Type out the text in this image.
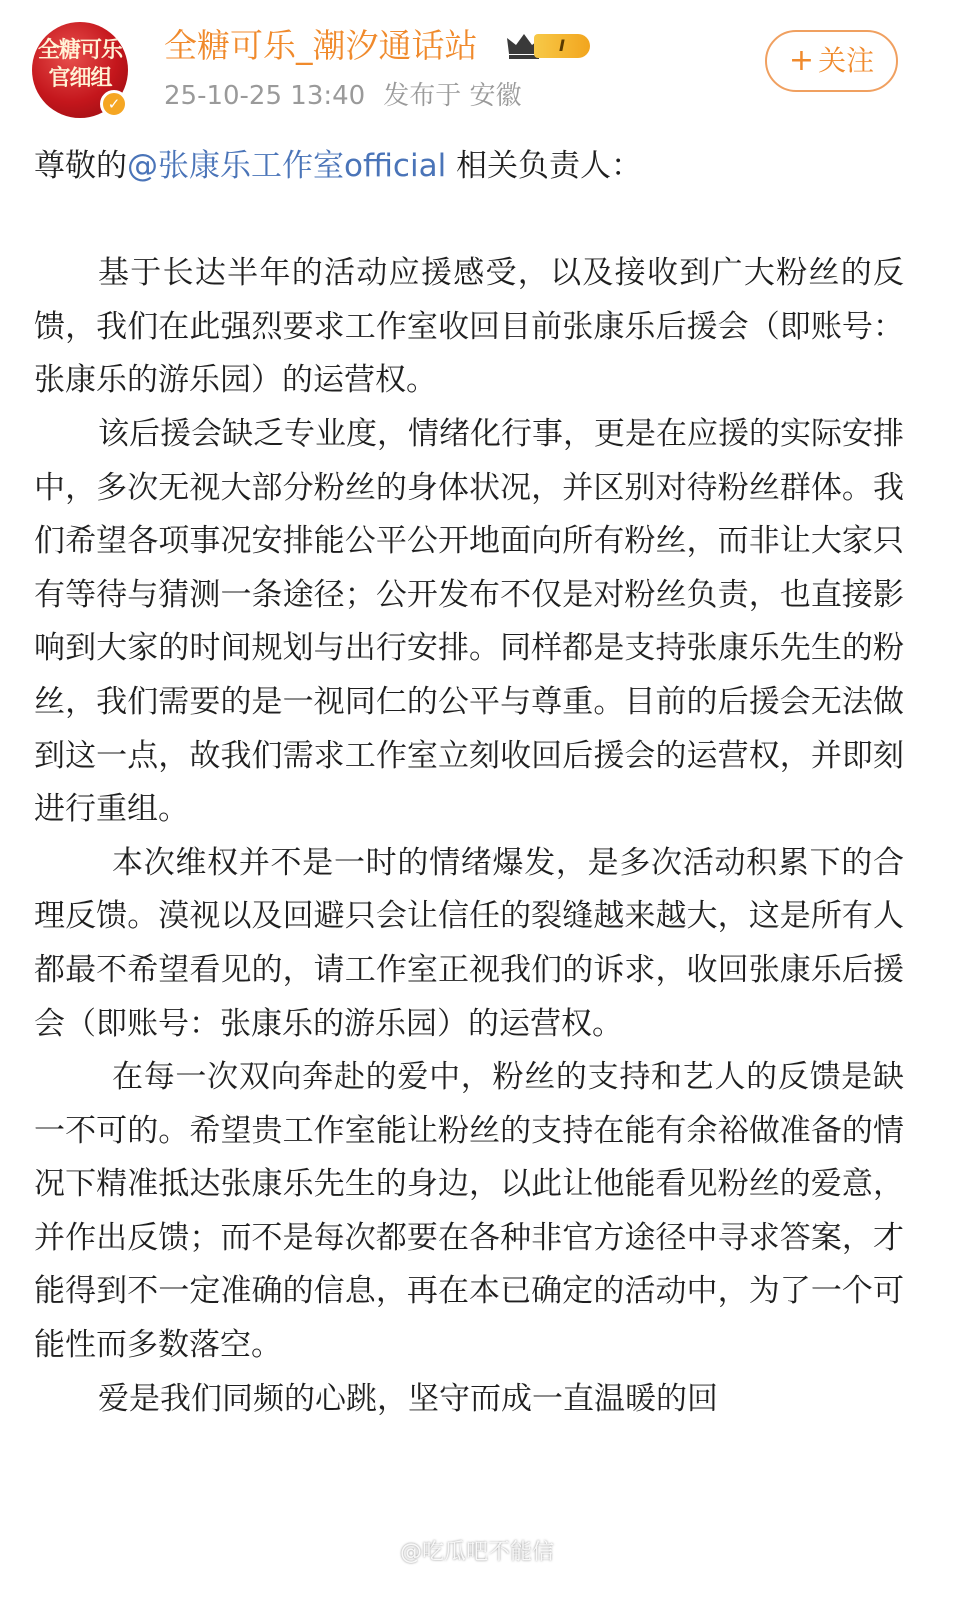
全糖可乐官细组
✓
全糖可乐_潮汐通话站	I
25-10-25 13:40 发布于 安徽
+ 关注

尊敬的@张康乐工作室official 相关负责人：

基于长达半年的活动应援感受，以及接收到广大粉丝的反馈，我们在此强烈要求工作室收回目前张康乐后援会（即账号：张康乐的游乐园）的运营权。

该后援会缺乏专业度，情绪化行事，更是在应援的实际安排中，多次无视大部分粉丝的身体状况，并区别对待粉丝群体。我们希望各项事况安排能公平公开地面向所有粉丝，而非让大家只有等待与猜测一条途径；公开发布不仅是对粉丝负责，也直接影响到大家的时间规划与出行安排。同样都是支持张康乐先生的粉丝，我们需要的是一视同仁的公平与尊重。目前的后援会无法做到这一点，故我们需求工作室立刻收回后援会的运营权，并即刻进行重组。

本次维权并不是一时的情绪爆发，是多次活动积累下的合理反馈。漠视以及回避只会让信任的裂缝越来越大，这是所有人都最不希望看见的，请工作室正视我们的诉求，收回张康乐后援会（即账号：张康乐的游乐园）的运营权。

在每一次双向奔赴的爱中，粉丝的支持和艺人的反馈是缺一不可的。希望贵工作室能让粉丝的支持在能有余裕做准备的情况下精准抵达张康乐先生的身边，以此让他能看见粉丝的爱意，并作出反馈；而不是每次都要在各种非官方途径中寻求答案，才能得到不一定准确的信息，再在本已确定的活动中，为了一个可能性而多数落空。

爱是我们同频的心跳，坚守而成一直温暖的回

@吃瓜吧不能信
